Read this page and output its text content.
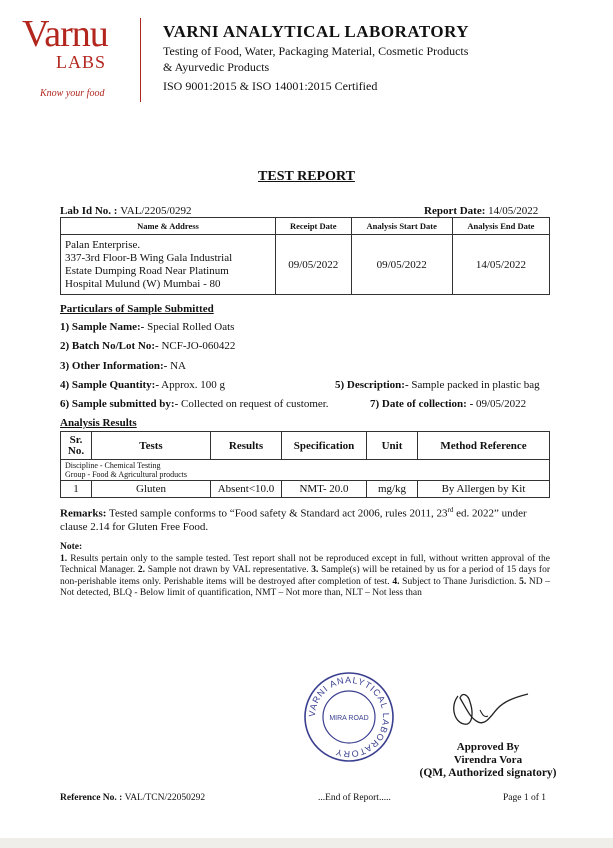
Varnu
LABS
Know your food
VARNI ANALYTICAL LABORATORY
Testing of Food, Water, Packaging Material, Cosmetic Products
& Ayurvedic Products
ISO 9001:2015 & ISO 14001:2015 Certified
TEST REPORT
Lab Id No. : VAL/2205/0292	Report Date: 14/05/2022
Name & Address	Receipt Date	Analysis Start Date	Analysis End Date

Palan Enterprise.
337-3rd Floor-B Wing Gala Industrial
Estate Dumping Road Near Platinum
Hospital Mulund (W) Mumbai - 80	09/05/2022	09/05/2022	14/05/2022
Particulars of Sample Submitted
1) Sample Name:- Special Rolled Oats
2) Batch No/Lot No:- NCF-JO-060422
3) Other Information:- NA
4) Sample Quantity:- Approx. 100 g	5) Description:- Sample packed in plastic bag
6) Sample submitted by:- Collected on request of customer.	7) Date of collection: - 09/05/2022
Analysis Results
Sr. No.	Tests	Results	Specification	Unit	Method Reference

Discipline - Chemical Testing
Group - Food & Agricultural products					

1	Gluten	Absent<10.0	NMT- 20.0	mg/kg	By Allergen by Kit
Remarks: Tested sample conforms to “Food safety & Standard act 2006, rules 2011, 23rd ed. 2022” under clause 2.14 for Gluten Free Food.
Note:
1. Results pertain only to the sample tested. Test report shall not be reproduced except in full, without written approval of the Technical Manager. 2. Sample not drawn by VAL representative. 3. Sample(s) will be retained by us for a period of 15 days for non-perishable items only. Perishable items will be destroyed after completion of test. 4. Subject to Thane Jurisdiction. 5. ND – Not detected, BLQ - Below limit of quantification, NMT – Not more than, NLT – Not less than
VARNI ANALYTICAL LABORATORY
MIRA ROAD
Approved By
Virendra Vora
(QM, Authorized signatory)
Reference No. : VAL/TCN/22050292	...End of Report.....	Page 1 of 1
